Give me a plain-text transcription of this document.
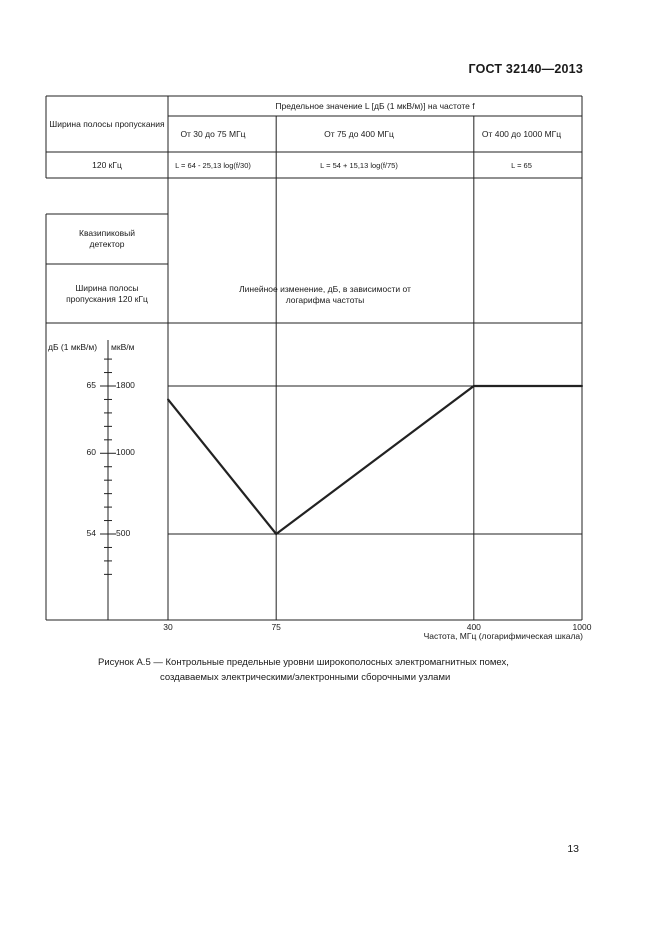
ГОСТ 32140—2013
Ширина полосы пропускания
Предельное значение L [дБ (1 мкВ/м)] на частоте f
От 30 до 75 МГц	От 75 до 400 МГц	От 400 до 1000 МГц
120 кГц	L = 64 - 25,13 log(f/30)	L = 54 + 15,13 log(f/75)	L = 65
Квазипиковый детектор
Ширина полосы пропускания 120 кГц
дБ (1 мкВ/м) мкВ/м
Линейное изменение, дБ, в зависимости от логарифма частоты
65 1800
60 1000
54 500
30	75	400	1000
Частота, МГц (логарифмическая шкала)
Рисунок А.5 — Контрольные предельные уровни широкополосных электромагнитных помех,
создаваемых электрическими/электронными сборочными узлами
13
